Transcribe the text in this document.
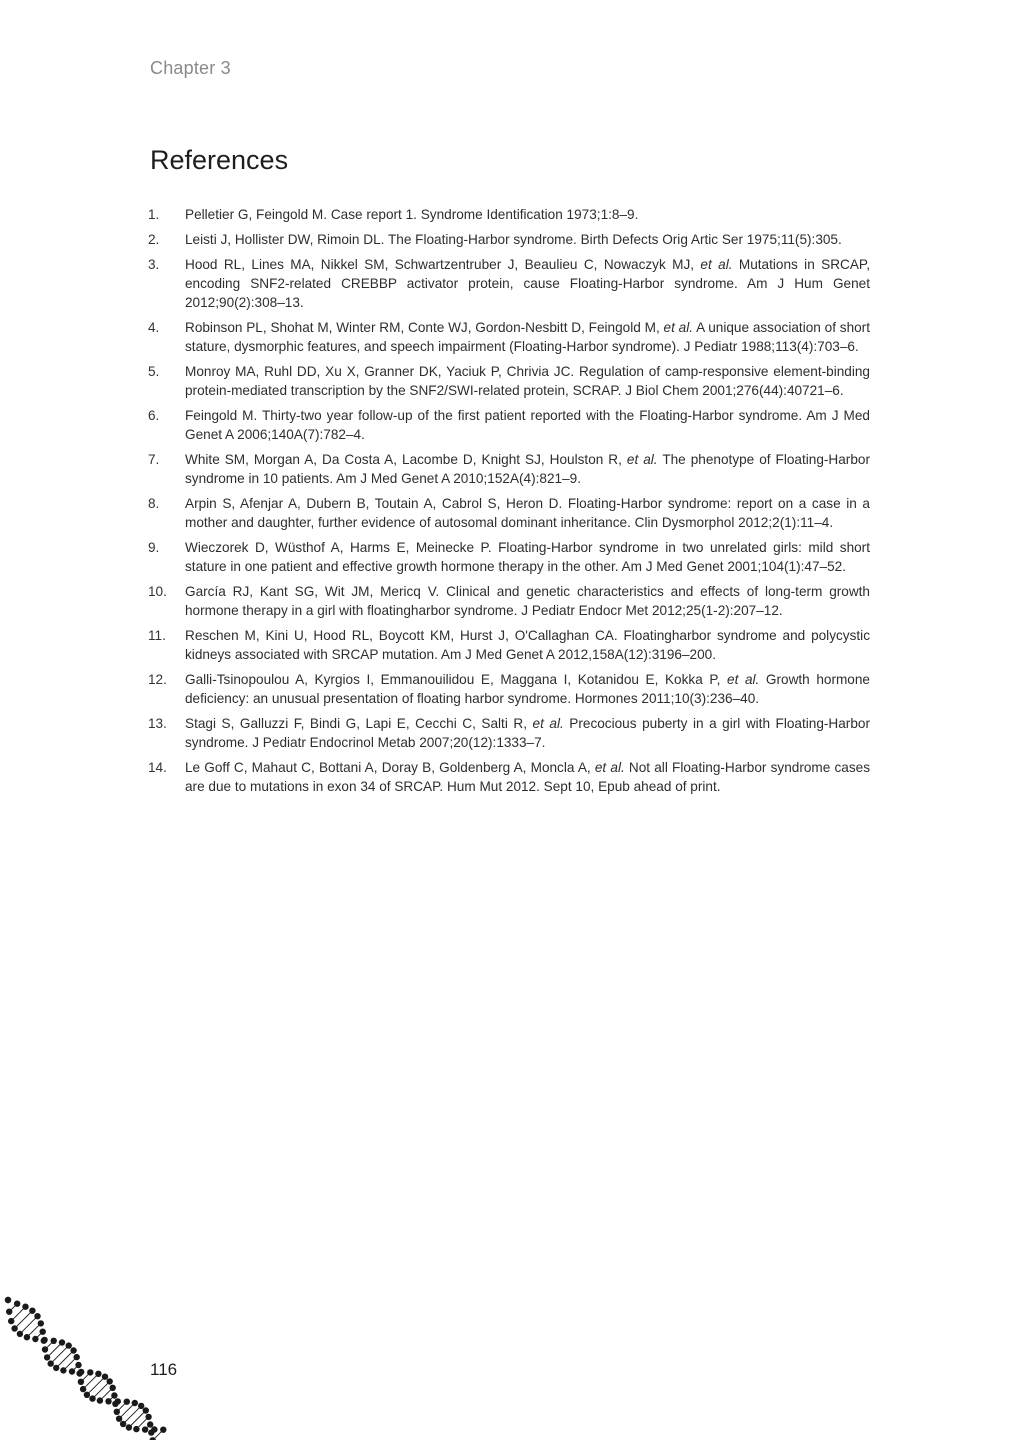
Chapter 3
References
1.	Pelletier G, Feingold M. Case report 1. Syndrome Identification 1973;1:8–9.
2.	Leisti J, Hollister DW, Rimoin DL. The Floating-Harbor syndrome. Birth Defects Orig Artic Ser 1975;11(5):305.
3.	Hood RL, Lines MA, Nikkel SM, Schwartzentruber J, Beaulieu C, Nowaczyk MJ, et al. Mutations in SRCAP, encoding SNF2-related CREBBP activator protein, cause Floating-Harbor syndrome. Am J Hum Genet 2012;90(2):308–13.
4.	Robinson PL, Shohat M, Winter RM, Conte WJ, Gordon-Nesbitt D, Feingold M, et al. A unique association of short stature, dysmorphic features, and speech impairment (Floating-Harbor syndrome). J Pediatr 1988;113(4):703–6.
5.	Monroy MA, Ruhl DD, Xu X, Granner DK, Yaciuk P, Chrivia JC. Regulation of camp-responsive element-binding protein-mediated transcription by the SNF2/SWI-related protein, SCRAP. J Biol Chem 2001;276(44):40721–6.
6.	Feingold M. Thirty-two year follow-up of the first patient reported with the Floating-Harbor syndrome. Am J Med Genet A 2006;140A(7):782–4.
7.	White SM, Morgan A, Da Costa A, Lacombe D, Knight SJ, Houlston R, et al. The phenotype of Floating-Harbor syndrome in 10 patients. Am J Med Genet A 2010;152A(4):821–9.
8.	Arpin S, Afenjar A, Dubern B, Toutain A, Cabrol S, Heron D. Floating-Harbor syndrome: report on a case in a mother and daughter, further evidence of autosomal dominant inheritance. Clin Dysmorphol 2012;2(1):11–4.
9.	Wieczorek D, Wüsthof A, Harms E, Meinecke P. Floating-Harbor syndrome in two unrelated girls: mild short stature in one patient and effective growth hormone therapy in the other. Am J Med Genet 2001;104(1):47–52.
10.	García RJ, Kant SG, Wit JM, Mericq V. Clinical and genetic characteristics and effects of long-term growth hormone therapy in a girl with floatingharbor syndrome. J Pediatr Endocr Met 2012;25(1-2):207–12.
11.	Reschen M, Kini U, Hood RL, Boycott KM, Hurst J, O'Callaghan CA. Floatingharbor syndrome and polycystic kidneys associated with SRCAP mutation. Am J Med Genet A 2012,158A(12):3196–200.
12.	Galli-Tsinopoulou A, Kyrgios I, Emmanouilidou E, Maggana I, Kotanidou E, Kokka P, et al. Growth hormone deficiency: an unusual presentation of floating harbor syndrome. Hormones 2011;10(3):236–40.
13.	Stagi S, Galluzzi F, Bindi G, Lapi E, Cecchi C, Salti R, et al. Precocious puberty in a girl with Floating-Harbor syndrome. J Pediatr Endocrinol Metab 2007;20(12):1333–7.
14.	Le Goff C, Mahaut C, Bottani A, Doray B, Goldenberg A, Moncla A, et al. Not all Floating-Harbor syndrome cases are due to mutations in exon 34 of SRCAP. Hum Mut 2012. Sept 10, Epub ahead of print.
116
